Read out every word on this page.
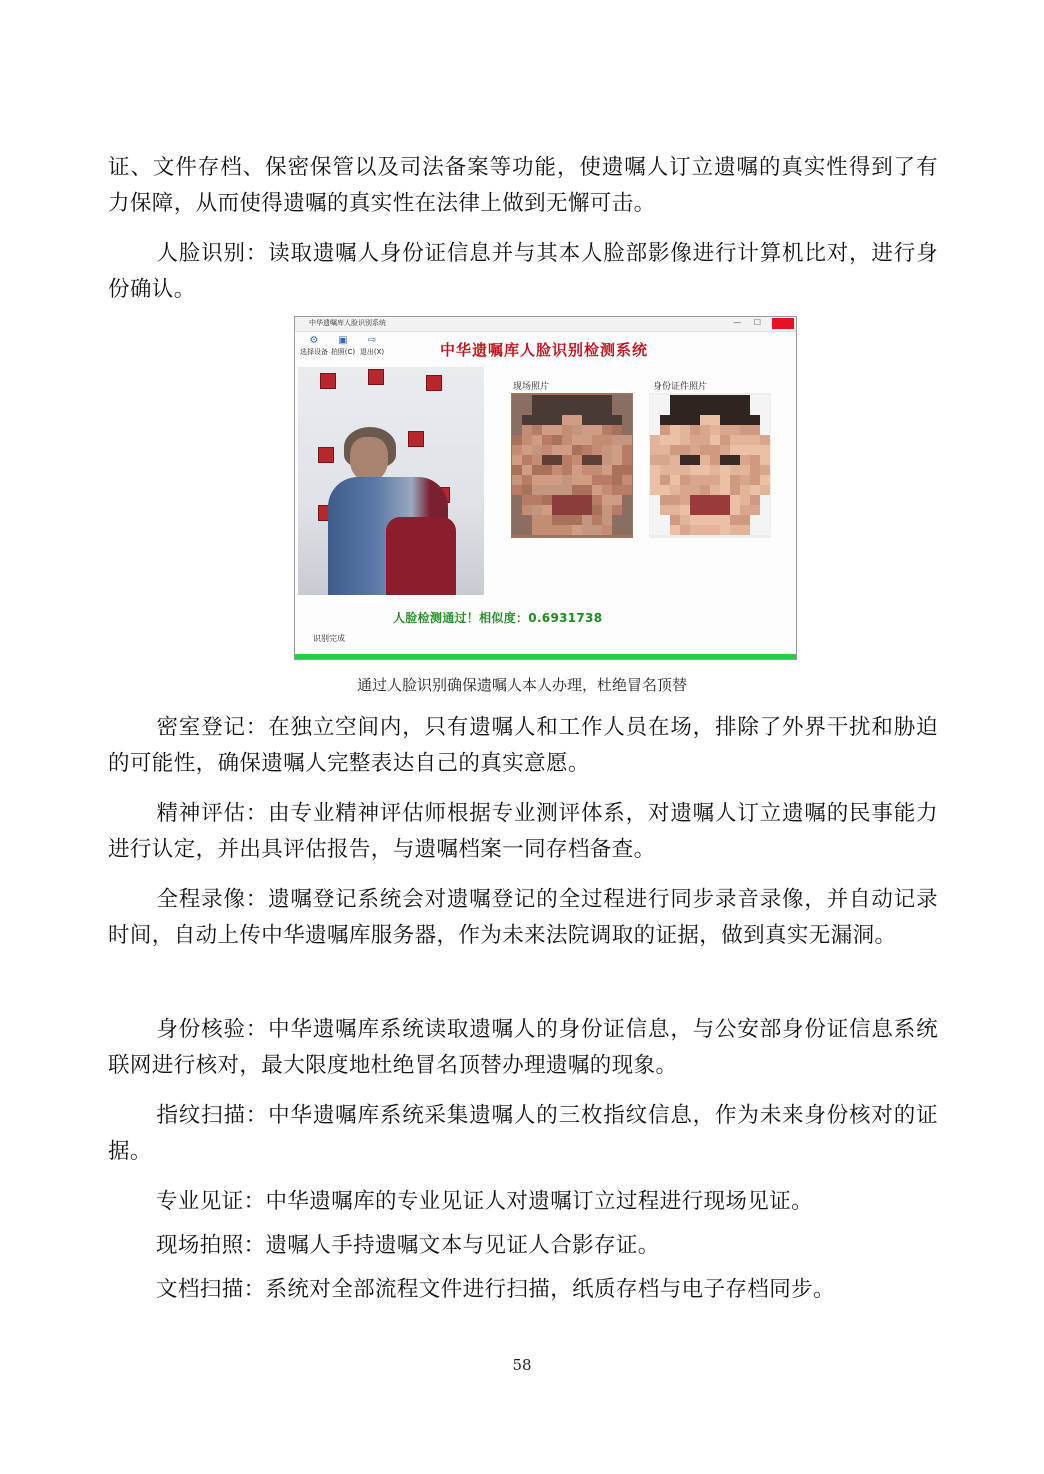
证、文件存档、保密保管以及司法备案等功能，使遗嘱人订立遗嘱的真实性得到了有力保障，从而使得遗嘱的真实性在法律上做到无懈可击。

人脸识别：读取遗嘱人身份证信息并与其本人脸部影像进行计算机比对，进行身份确认。

中华遗嘱库人脸识别系统	— ☐
⚙
选择设备
▣
拍照(C)
⇨
退出(X)	中华遗嘱库人脸识别检测系统
现场照片	身份证件照片
人脸检测通过！相似度：0.6931738
识别完成
通过人脸识别确保遗嘱人本人办理，杜绝冒名顶替

密室登记：在独立空间内，只有遗嘱人和工作人员在场，排除了外界干扰和胁迫的可能性，确保遗嘱人完整表达自己的真实意愿。

精神评估：由专业精神评估师根据专业测评体系，对遗嘱人订立遗嘱的民事能力进行认定，并出具评估报告，与遗嘱档案一同存档备查。

全程录像：遗嘱登记系统会对遗嘱登记的全过程进行同步录音录像，并自动记录时间，自动上传中华遗嘱库服务器，作为未来法院调取的证据，做到真实无漏洞。

身份核验：中华遗嘱库系统读取遗嘱人的身份证信息，与公安部身份证信息系统联网进行核对，最大限度地杜绝冒名顶替办理遗嘱的现象。

指纹扫描：中华遗嘱库系统采集遗嘱人的三枚指纹信息，作为未来身份核对的证据。

专业见证：中华遗嘱库的专业见证人对遗嘱订立过程进行现场见证。

现场拍照：遗嘱人手持遗嘱文本与见证人合影存证。

文档扫描：系统对全部流程文件进行扫描，纸质存档与电子存档同步。

58
